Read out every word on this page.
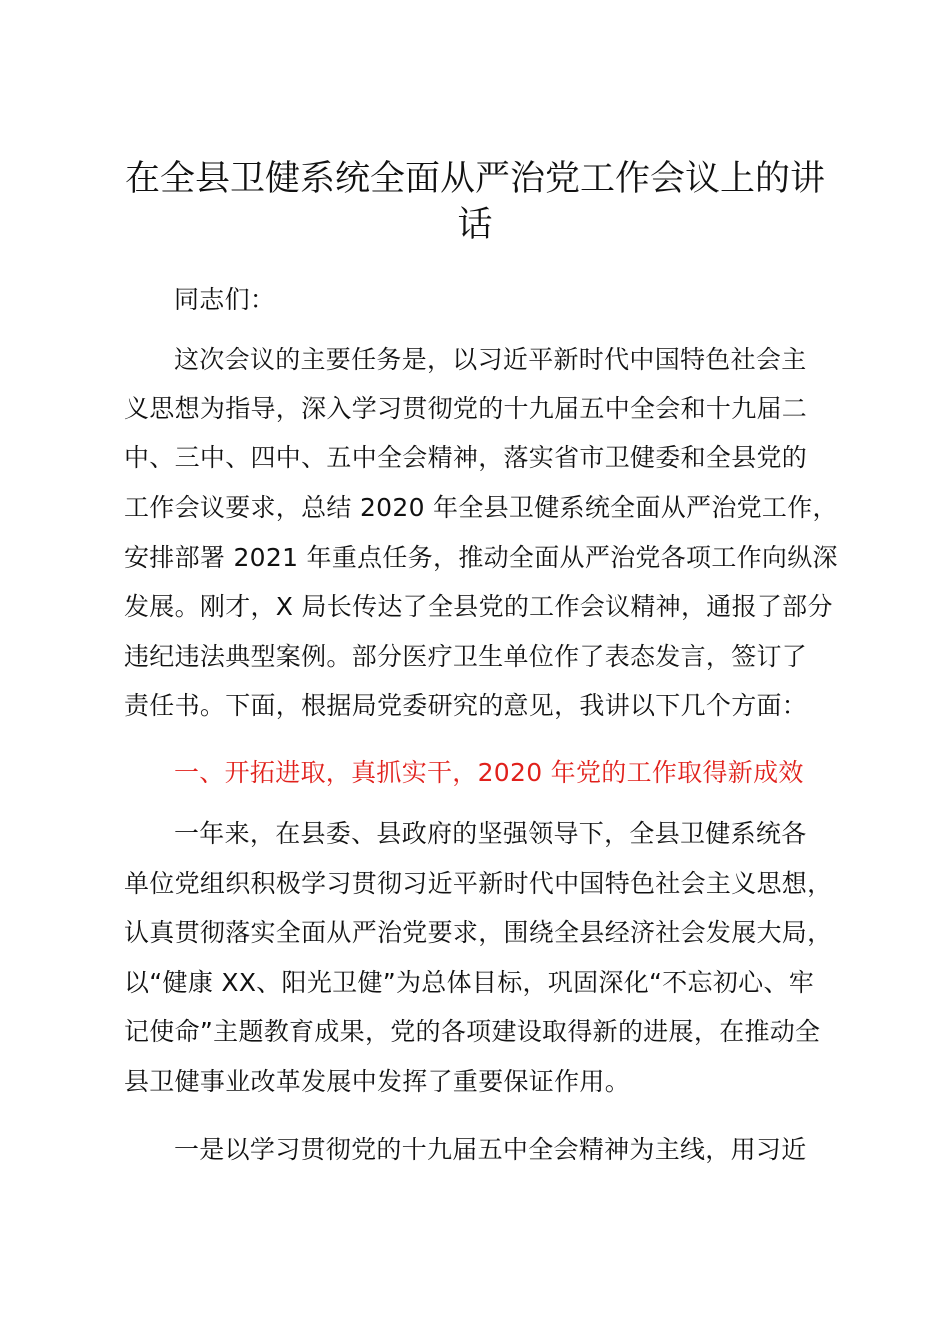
在全县卫健系统全面从严治党工作会议上的讲
话

同志们：

这次会议的主要任务是，以习近平新时代中国特色社会主

义思想为指导，深入学习贯彻党的十九届五中全会和十九届二

中、三中、四中、五中全会精神，落实省市卫健委和全县党的

工作会议要求，总结 2020 年全县卫健系统全面从严治党工作，

安排部署 2021 年重点任务，推动全面从严治党各项工作向纵深

发展。刚才，X 局长传达了全县党的工作会议精神，通报了部分

违纪违法典型案例。部分医疗卫生单位作了表态发言，签订了

责任书。下面，根据局党委研究的意见，我讲以下几个方面：

一、开拓进取，真抓实干，2020 年党的工作取得新成效

一年来，在县委、县政府的坚强领导下，全县卫健系统各

单位党组织积极学习贯彻习近平新时代中国特色社会主义思想，

认真贯彻落实全面从严治党要求，围绕全县经济社会发展大局，

以“健康 XX、阳光卫健”为总体目标，巩固深化“不忘初心、牢

记使命”主题教育成果，党的各项建设取得新的进展，在推动全

县卫健事业改革发展中发挥了重要保证作用。

一是以学习贯彻党的十九届五中全会精神为主线，用习近
